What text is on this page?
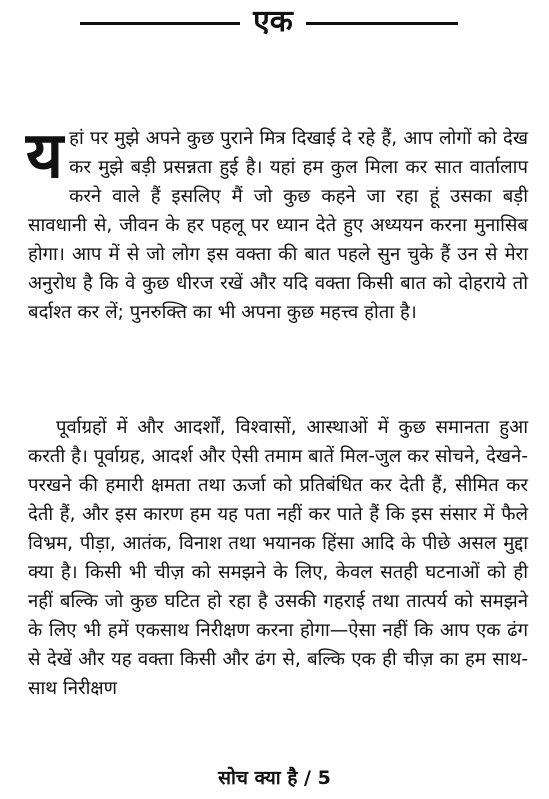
एक
य हां पर मुझे अपने कुछ पुराने मित्र दिखाई दे रहे हैं, आप लोगों को देख कर मुझे बड़ी प्रसन्नता हुई है। यहां हम कुल मिला कर सात वार्तालाप करने वाले हैं इसलिए मैं जो कुछ कहने जा रहा हूं उसका बड़ी सावधानी से, जीवन के हर पहलू पर ध्यान देते हुए अध्ययन करना मुनासिब होगा। आप में से जो लोग इस वक्ता की बात पहले सुन चुके हैं उन से मेरा अनुरोध है कि वे कुछ धीरज रखें और यदि वक्ता किसी बात को दोहराये तो बर्दाश्त कर लें; पुनरुक्ति का भी अपना कुछ महत्त्व होता है।
पूर्वाग्रहों में और आदर्शों, विश्वासों, आस्थाओं में कुछ समानता हुआ करती है। पूर्वाग्रह, आदर्श और ऐसी तमाम बातें मिल-जुल कर सोचने, देखने-परखने की हमारी क्षमता तथा ऊर्जा को प्रतिबंधित कर देती हैं, सीमित कर देती हैं, और इस कारण हम यह पता नहीं कर पाते हैं कि इस संसार में फैले विभ्रम, पीड़ा, आतंक, विनाश तथा भयानक हिंसा आदि के पीछे असल मुद्दा क्या है। किसी भी चीज़ को समझने के लिए, केवल सतही घटनाओं को ही नहीं बल्कि जो कुछ घटित हो रहा है उसकी गहराई तथा तात्पर्य को समझने के लिए भी हमें एकसाथ निरीक्षण करना होगा—ऐसा नहीं कि आप एक ढंग से देखें और यह वक्ता किसी और ढंग से, बल्कि एक ही चीज़ का हम साथ-साथ निरीक्षण
सोच क्या है / 5
